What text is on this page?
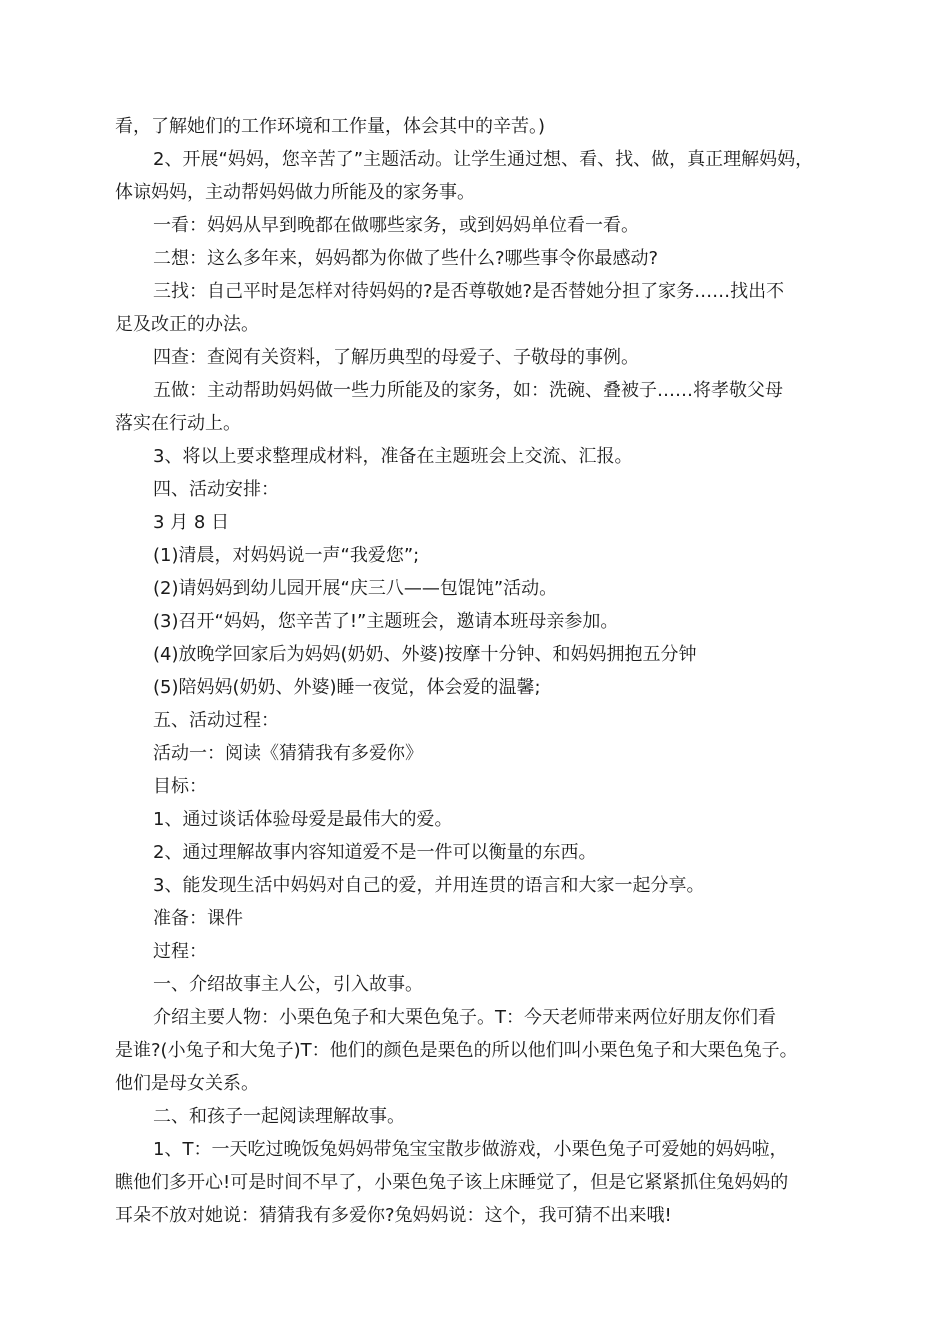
看，了解她们的工作环境和工作量，体会其中的辛苦。)
2、开展“妈妈，您辛苦了”主题活动。让学生通过想、看、找、做，真正理解妈妈，
体谅妈妈，主动帮妈妈做力所能及的家务事。
一看：妈妈从早到晚都在做哪些家务，或到妈妈单位看一看。
二想：这么多年来，妈妈都为你做了些什么?哪些事令你最感动?
三找：自己平时是怎样对待妈妈的?是否尊敬她?是否替她分担了家务……找出不
足及改正的办法。
四查：查阅有关资料，了解历典型的母爱子、子敬母的事例。
五做：主动帮助妈妈做一些力所能及的家务，如：洗碗、叠被子……将孝敬父母
落实在行动上。
3、将以上要求整理成材料，准备在主题班会上交流、汇报。
四、活动安排：
3 月 8 日
(1)清晨，对妈妈说一声“我爱您”;
(2)请妈妈到幼儿园开展“庆三八——包馄饨”活动。
(3)召开“妈妈，您辛苦了!”主题班会，邀请本班母亲参加。
(4)放晚学回家后为妈妈(奶奶、外婆)按摩十分钟、和妈妈拥抱五分钟
(5)陪妈妈(奶奶、外婆)睡一夜觉，体会爱的温馨;
五、活动过程：
活动一：阅读《猜猜我有多爱你》
目标：
1、通过谈话体验母爱是最伟大的爱。
2、通过理解故事内容知道爱不是一件可以衡量的东西。
3、能发现生活中妈妈对自己的爱，并用连贯的语言和大家一起分享。
准备：课件
过程：
一、介绍故事主人公，引入故事。
介绍主要人物：小栗色兔子和大栗色兔子。T：今天老师带来两位好朋友你们看
是谁?(小兔子和大兔子)T：他们的颜色是栗色的所以他们叫小栗色兔子和大栗色兔子。
他们是母女关系。
二、和孩子一起阅读理解故事。
1、T：一天吃过晚饭兔妈妈带兔宝宝散步做游戏，小栗色兔子可爱她的妈妈啦，
瞧他们多开心!可是时间不早了，小栗色兔子该上床睡觉了，但是它紧紧抓住兔妈妈的
耳朵不放对她说：猜猜我有多爱你?兔妈妈说：这个，我可猜不出来哦!
